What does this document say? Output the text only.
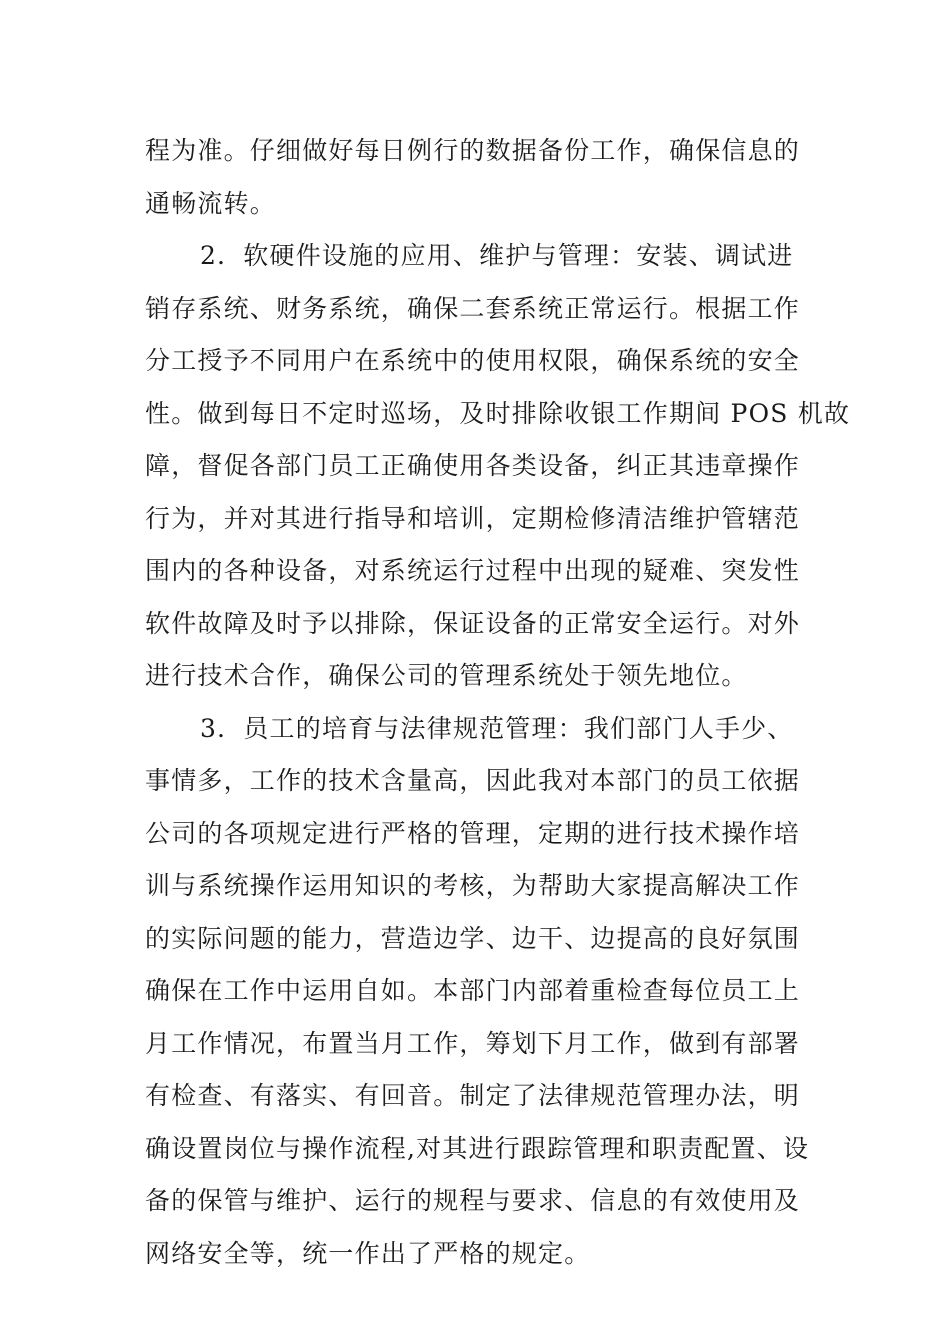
程为准。仔细做好每日例行的数据备份工作，确保信息的
通畅流转。
2．软硬件设施的应用、维护与管理：安装、调试进
销存系统、财务系统，确保二套系统正常运行。根据工作
分工授予不同用户在系统中的使用权限，确保系统的安全
性。做到每日不定时巡场，及时排除收银工作期间 POS 机故
障，督促各部门员工正确使用各类设备，纠正其违章操作
行为，并对其进行指导和培训，定期检修清洁维护管辖范
围内的各种设备，对系统运行过程中出现的疑难、突发性
软件故障及时予以排除，保证设备的正常安全运行。对外
进行技术合作，确保公司的管理系统处于领先地位。
3．员工的培育与法律规范管理：我们部门人手少、
事情多，工作的技术含量高，因此我对本部门的员工依据
公司的各项规定进行严格的管理，定期的进行技术操作培
训与系统操作运用知识的考核，为帮助大家提高解决工作
的实际问题的能力，营造边学、边干、边提高的良好氛围
确保在工作中运用自如。本部门内部着重检查每位员工上
月工作情况，布置当月工作，筹划下月工作，做到有部署
有检查、有落实、有回音。制定了法律规范管理办法，明
确设置岗位与操作流程,对其进行跟踪管理和职责配置、设
备的保管与维护、运行的规程与要求、信息的有效使用及
网络安全等，统一作出了严格的规定。
